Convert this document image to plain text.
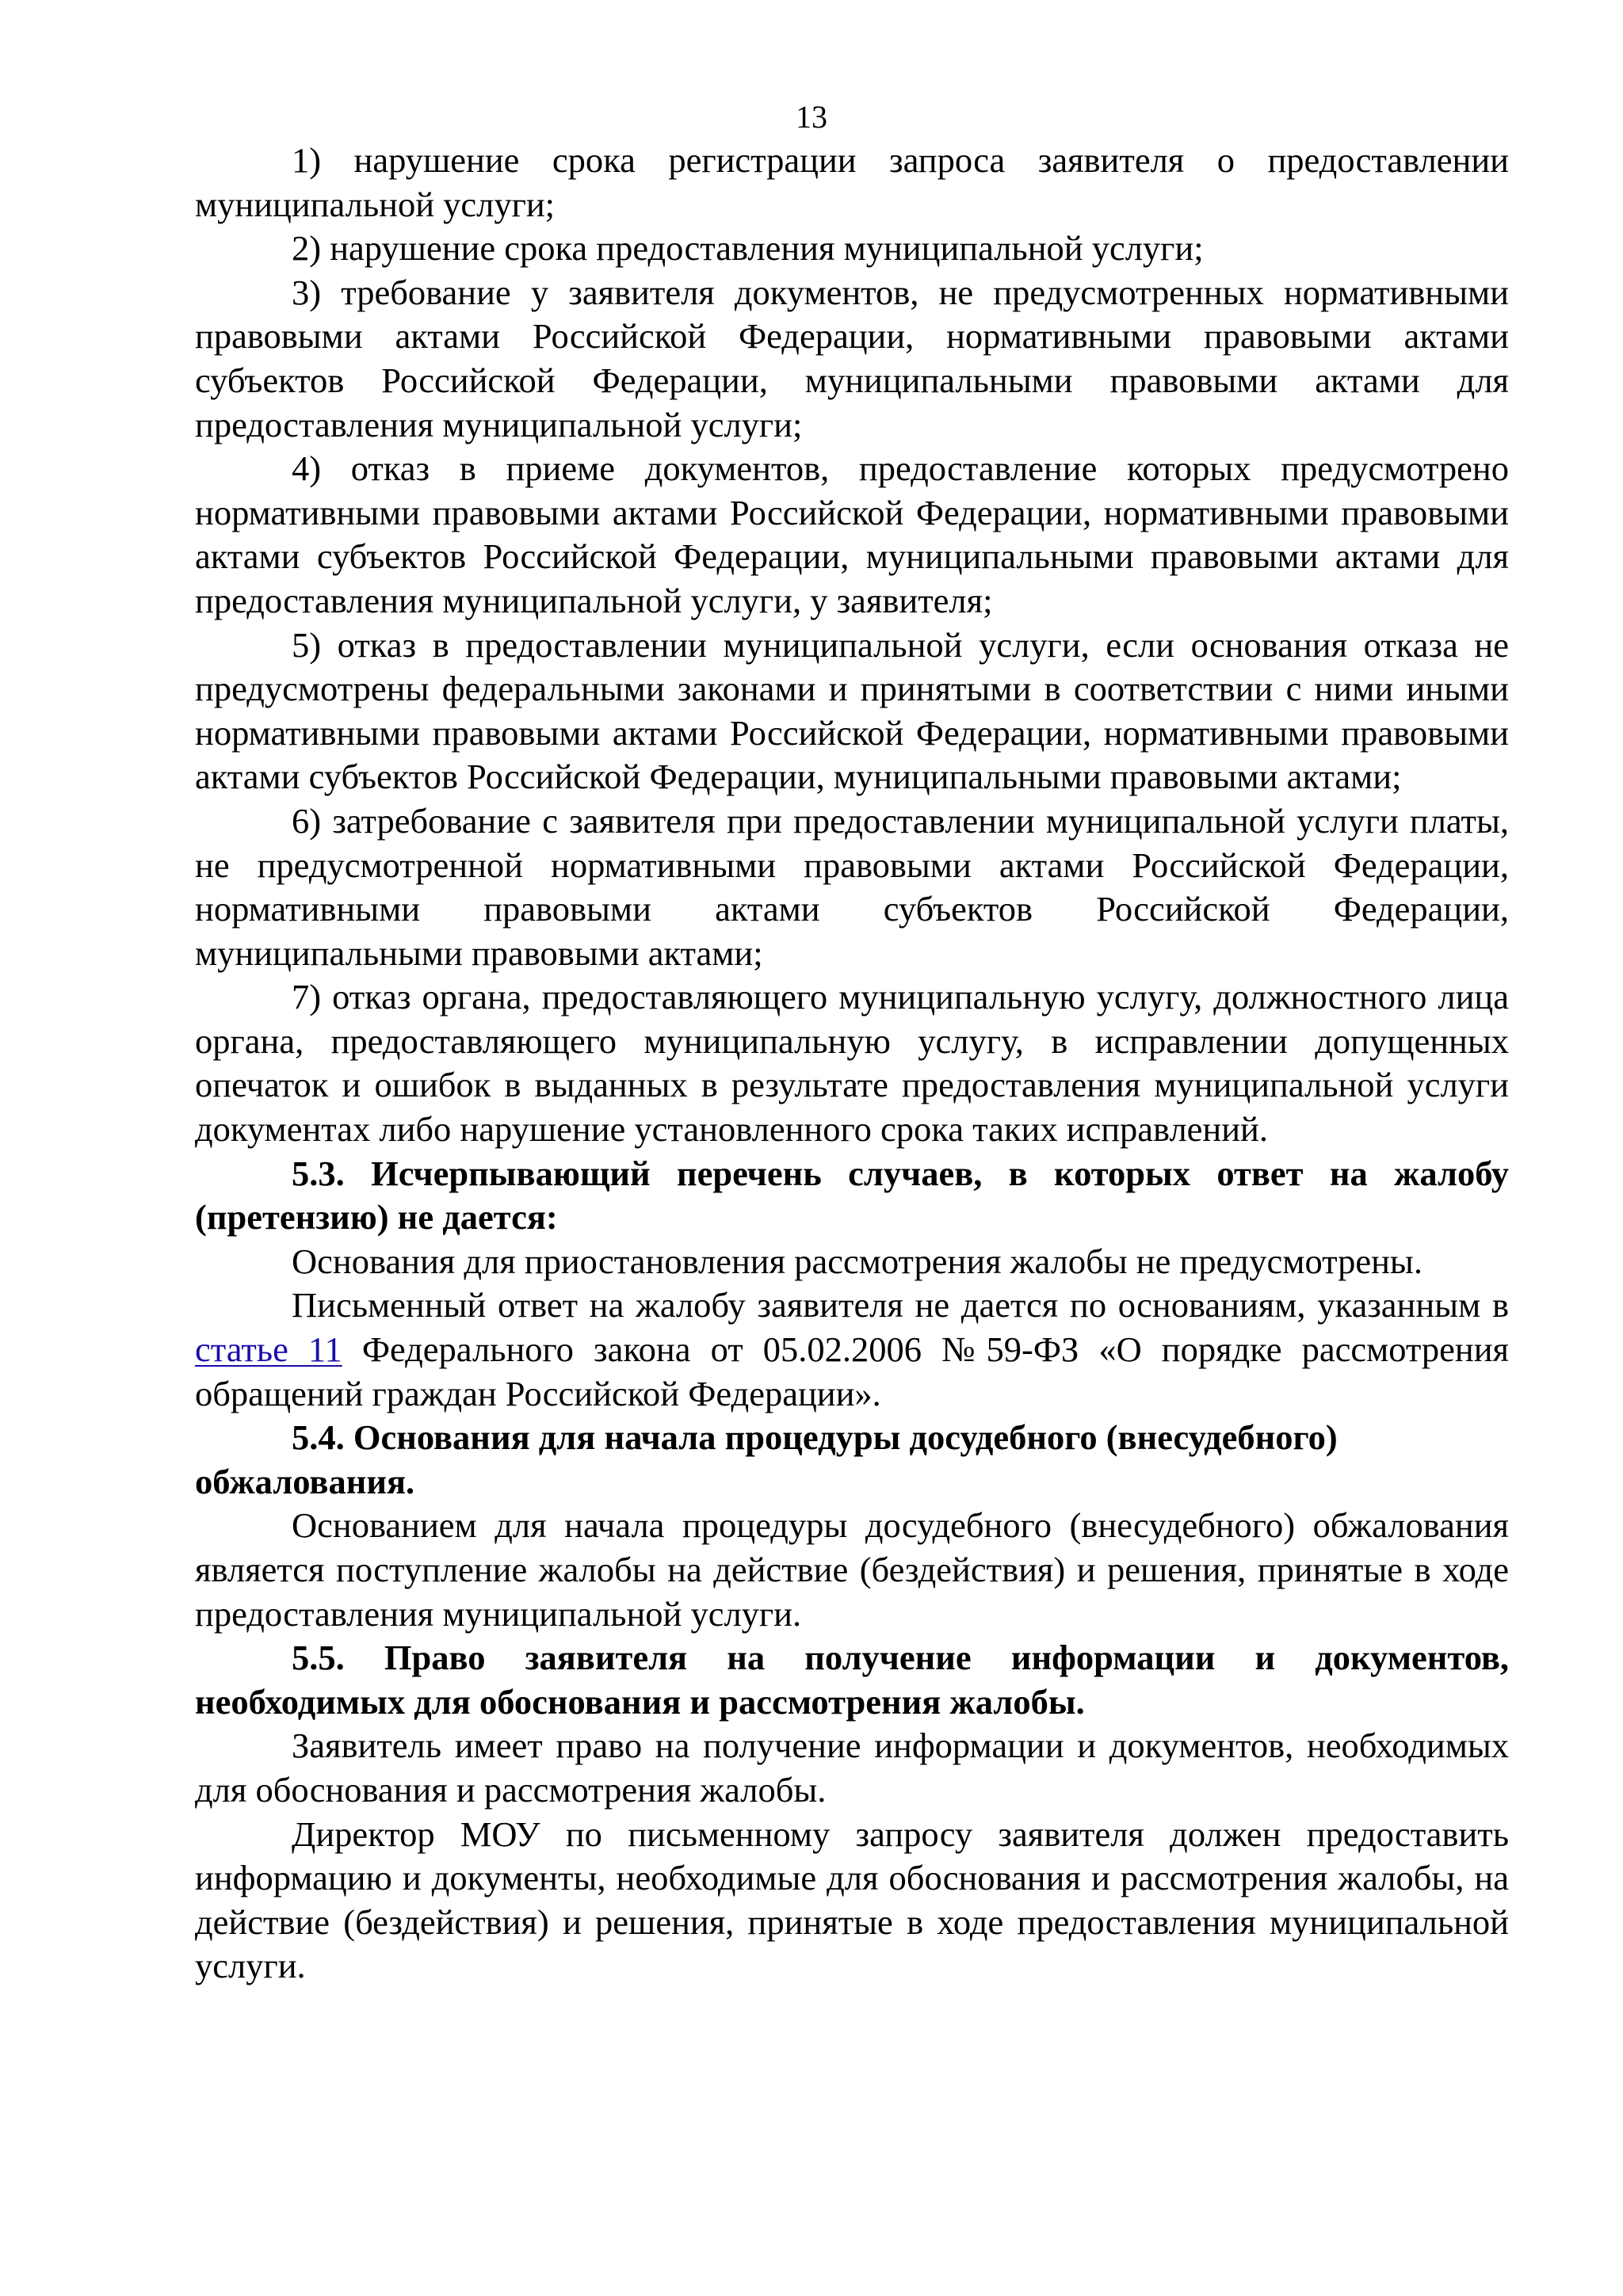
13

1) нарушение срока регистрации запроса заявителя о предоставлении муниципальной услуги;

2) нарушение срока предоставления муниципальной услуги;

3) требование у заявителя документов, не предусмотренных нормативными правовыми актами Российской Федерации, нормативными правовыми актами субъектов Российской Федерации, муниципальными правовыми актами для предоставления муниципальной услуги;

4) отказ в приеме документов, предоставление которых предусмотрено нормативными правовыми актами Российской Федерации, нормативными правовыми актами субъектов Российской Федерации, муниципальными правовыми актами для предоставления муниципальной услуги, у заявителя;

5) отказ в предоставлении муниципальной услуги, если основания отказа не предусмотрены федеральными законами и принятыми в соответствии с ними иными нормативными правовыми актами Российской Федерации, нормативными правовыми актами субъектов Российской Федерации, муниципальными правовыми актами;

6) затребование с заявителя при предоставлении муниципальной услуги платы, не предусмотренной нормативными правовыми актами Российской Федерации, нормативными правовыми актами субъектов Российской Федерации, муниципальными правовыми актами;

7) отказ органа, предоставляющего муниципальную услугу, должностного лица органа, предоставляющего муниципальную услугу, в исправлении допущенных опечаток и ошибок в выданных в результате предоставления муниципальной услуги документах либо нарушение установленного срока таких исправлений.

5.3. Исчерпывающий перечень случаев, в которых ответ на жалобу (претензию) не дается:

Основания для приостановления рассмотрения жалобы не предусмотрены.

Письменный ответ на жалобу заявителя не дается по основаниям, указанным в статье 11 Федерального закона от 05.02.2006 №59-ФЗ «О порядке рассмотрения обращений граждан Российской Федерации».

5.4. Основания для начала процедуры досудебного (внесудебного) обжалования.

Основанием для начала процедуры досудебного (внесудебного) обжалования является поступление жалобы на действие (бездействия) и решения, принятые в ходе предоставления муниципальной услуги.

5.5. Право заявителя на получение информации и документов, необходимых для обоснования и рассмотрения жалобы.

Заявитель имеет право на получение информации и документов, необходимых для обоснования и рассмотрения жалобы.

Директор МОУ по письменному запросу заявителя должен предоставить информацию и документы, необходимые для обоснования и рассмотрения жалобы, на действие (бездействия) и решения, принятые в ходе предоставления муниципальной услуги.
